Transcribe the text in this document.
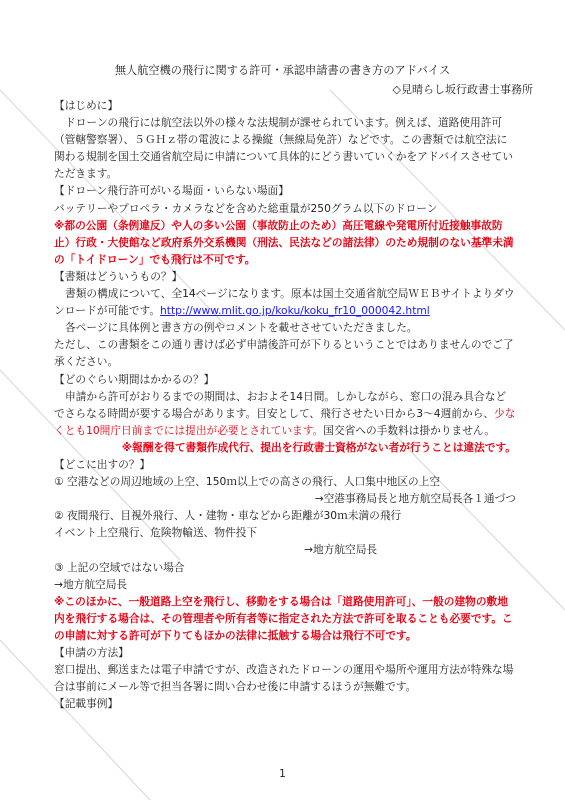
無人航空機の飛行に関する許可・承認申請書の書き方のアドバイス
◇見晴らし坂行政書士事務所

【はじめに】

ドローンの飛行には航空法以外の様々な法規制が課せられています。例えば、道路使用許可（管轄警察署）、５ＧＨｚ帯の電波による操縦（無線局免許）などです。この書類では航空法に関わる規制を国土交通省航空局に申請について具体的にどう書いていくかをアドバイスさせていただきます。

【ドローン飛行許可がいる場面・いらない場面】

バッテリーやプロペラ・カメラなどを含めた総重量が250グラム以下のドローン

※都の公園（条例違反）や人の多い公園（事故防止のため）高圧電線や発電所付近接触事故防止）行政・大使館など政府系外交系機関（刑法、民法などの諸法律）のため規制のない基準未満の「トイドローン」でも飛行は不可です。

【書類はどういうもの？】

書類の構成について、全14ページになります。原本は国土交通省航空局ＷＥＢサイトよりダウンロードが可能です。http://www.mlit.go.jp/koku/koku_fr10_000042.html

各ページに具体例と書き方の例やコメントを載せさせていただきました。

ただし、この書類をこの通り書けば必ず申請後許可が下りるということではありませんのでご了承ください。

【どのぐらい期間はかかるの？】

申請から許可がおりるまでの期間は、おおよそ14日間。しかしながら、窓口の混み具合などでさらなる時間が要する場合があります。目安として、飛行させたい日から3～4週前から、少なくとも10開庁日前までには提出が必要とされています。国交省への手数料は掛かりません。

※報酬を得て書類作成代行、提出を行政書士資格がない者が行うことは違法です。

【どこに出すの？】

① 空港などの周辺地域の上空、150ｍ以上での高さの飛行、人口集中地区の上空

→空港事務局長と地方航空局長各１通づつ

② 夜間飛行、目視外飛行、人・建物・車などから距離が30ｍ未満の飛行

イベント上空飛行、危険物輸送、物件投下

→地方航空局長

③ 上記の空域ではない場合

→地方航空局長

※このほかに、一般道路上空を飛行し、移動をする場合は「道路使用許可」、一般の建物の敷地内を飛行する場合は、その管理者や所有者等に指定された方法で許可を取ることも必要です。この申請に対する許可が下りてもほかの法律に抵触する場合は飛行不可です。

【申請の方法】

窓口提出、郵送または電子申請ですが、改造されたドローンの運用や場所や運用方法が特殊な場合は事前にメール等で担当各署に問い合わせ後に申請するほうが無難です。

【記載事例】

1
